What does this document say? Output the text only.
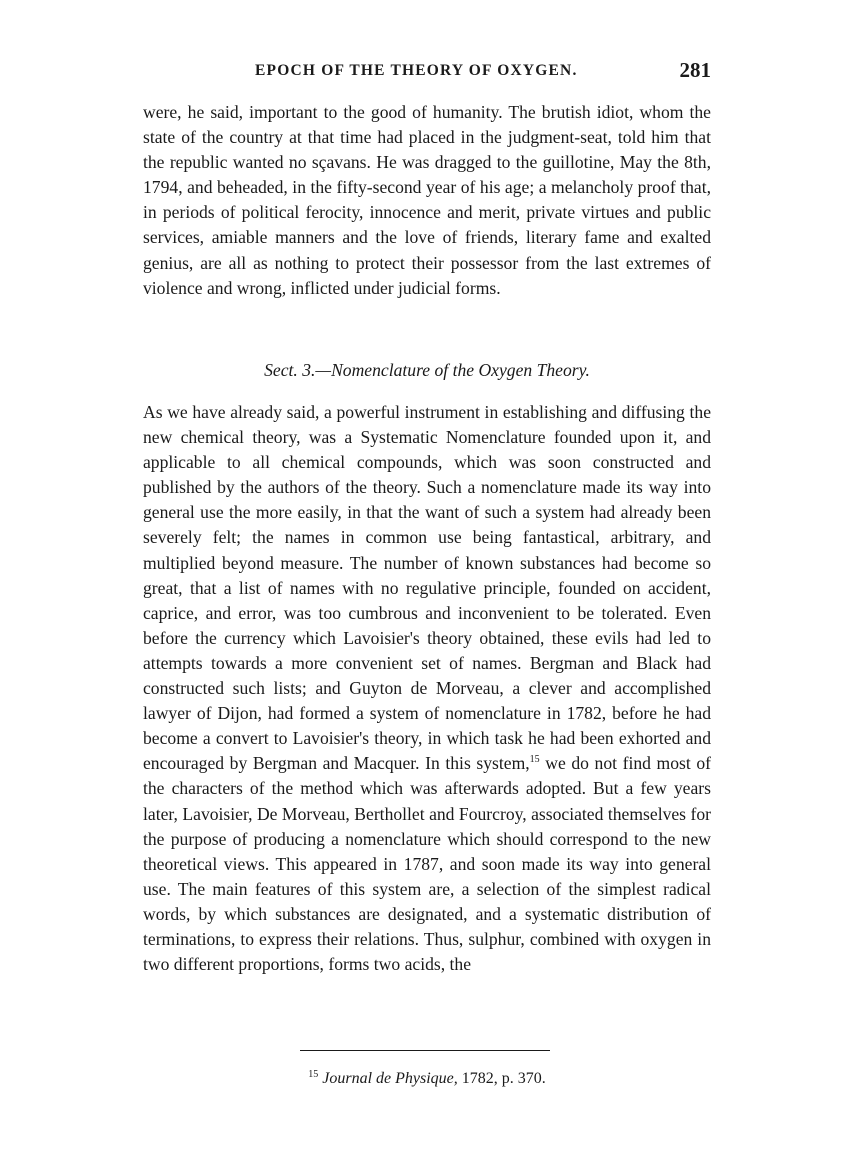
EPOCH OF THE THEORY OF OXYGEN.	281

were, he said, important to the good of humanity. The brutish idiot, whom the state of the country at that time had placed in the judgment-seat, told him that the republic wanted no sçavans. He was dragged to the guillotine, May the 8th, 1794, and beheaded, in the fifty-second year of his age; a melancholy proof that, in periods of political ferocity, innocence and merit, private virtues and public services, amiable manners and the love of friends, literary fame and exalted genius, are all as nothing to protect their possessor from the last extremes of violence and wrong, inflicted under judicial forms.

Sect. 3.—Nomenclature of the Oxygen Theory.

As we have already said, a powerful instrument in establishing and diffusing the new chemical theory, was a Systematic Nomenclature founded upon it, and applicable to all chemical compounds, which was soon constructed and published by the authors of the theory. Such a nomenclature made its way into general use the more easily, in that the want of such a system had already been severely felt; the names in common use being fantastical, arbitrary, and multiplied beyond measure. The number of known substances had become so great, that a list of names with no regulative principle, founded on accident, caprice, and error, was too cumbrous and inconvenient to be tolerated. Even before the currency which Lavoisier's theory obtained, these evils had led to attempts towards a more convenient set of names. Bergman and Black had constructed such lists; and Guyton de Morveau, a clever and accomplished lawyer of Dijon, had formed a system of nomenclature in 1782, before he had become a convert to Lavoisier's theory, in which task he had been exhorted and encouraged by Bergman and Macquer. In this system,$^{15}$ we do not find most of the characters of the method which was afterwards adopted. But a few years later, Lavoisier, De Morveau, Berthollet and Fourcroy, associated themselves for the purpose of producing a nomenclature which should correspond to the new theoretical views. This appeared in 1787, and soon made its way into general use. The main features of this system are, a selection of the simplest radical words, by which substances are designated, and a systematic distribution of terminations, to express their relations. Thus, sulphur, combined with oxygen in two different proportions, forms two acids, the

$^{15}$ Journal de Physique, 1782, p. 370.
